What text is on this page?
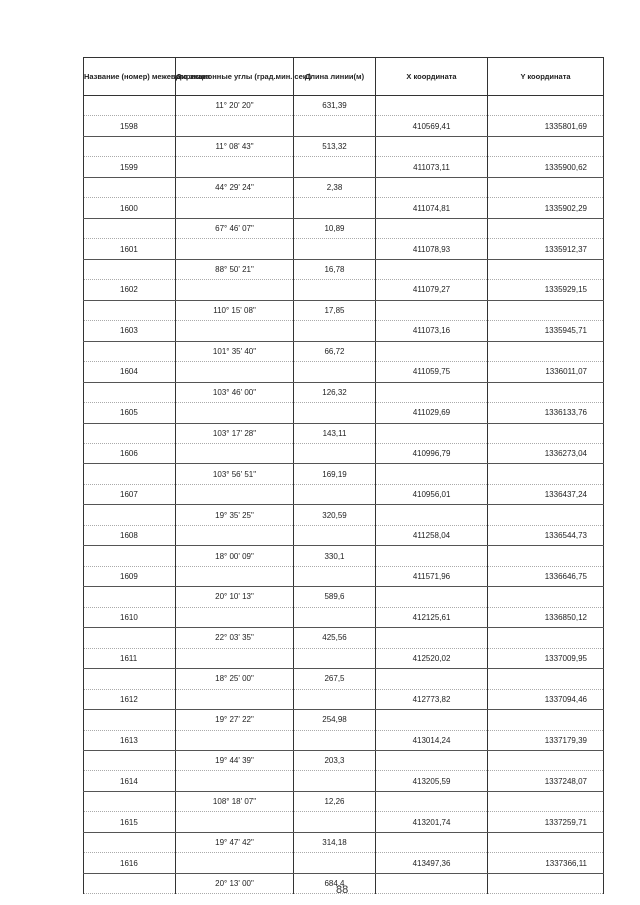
Название (номер) межевого знака	Дирекционные углы (град.мин. сек.)	Длина линии(м)	X координата	Y координата
	11° 20' 20"	631,39		
1598			410569,41	1335801,69
	11° 08' 43"	513,32		
1599			411073,11	1335900,62
	44° 29' 24"	2,38		
1600			411074,81	1335902,29
	67° 46' 07"	10,89		
1601			411078,93	1335912,37
	88° 50' 21"	16,78		
1602			411079,27	1335929,15
	110° 15' 08"	17,85		
1603			411073,16	1335945,71
	101° 35' 40"	66,72		
1604			411059,75	1336011,07
	103° 46' 00"	126,32		
1605			411029,69	1336133,76
	103° 17' 28"	143,11		
1606			410996,79	1336273,04
	103° 56' 51"	169,19		
1607			410956,01	1336437,24
	19° 35' 25"	320,59		
1608			411258,04	1336544,73
	18° 00' 09"	330,1		
1609			411571,96	1336646,75
	20° 10' 13"	589,6		
1610			412125,61	1336850,12
	22° 03' 35"	425,56		
1611			412520,02	1337009,95
	18° 25' 00"	267,5		
1612			412773,82	1337094,46
	19° 27' 22"	254,98		
1613			413014,24	1337179,39
	19° 44' 39"	203,3		
1614			413205,59	1337248,07
	108° 18' 07"	12,26		
1615			413201,74	1337259,71
	19° 47' 42"	314,18		
1616			413497,36	1337366,11
	20° 13' 00"	684,4		
88
